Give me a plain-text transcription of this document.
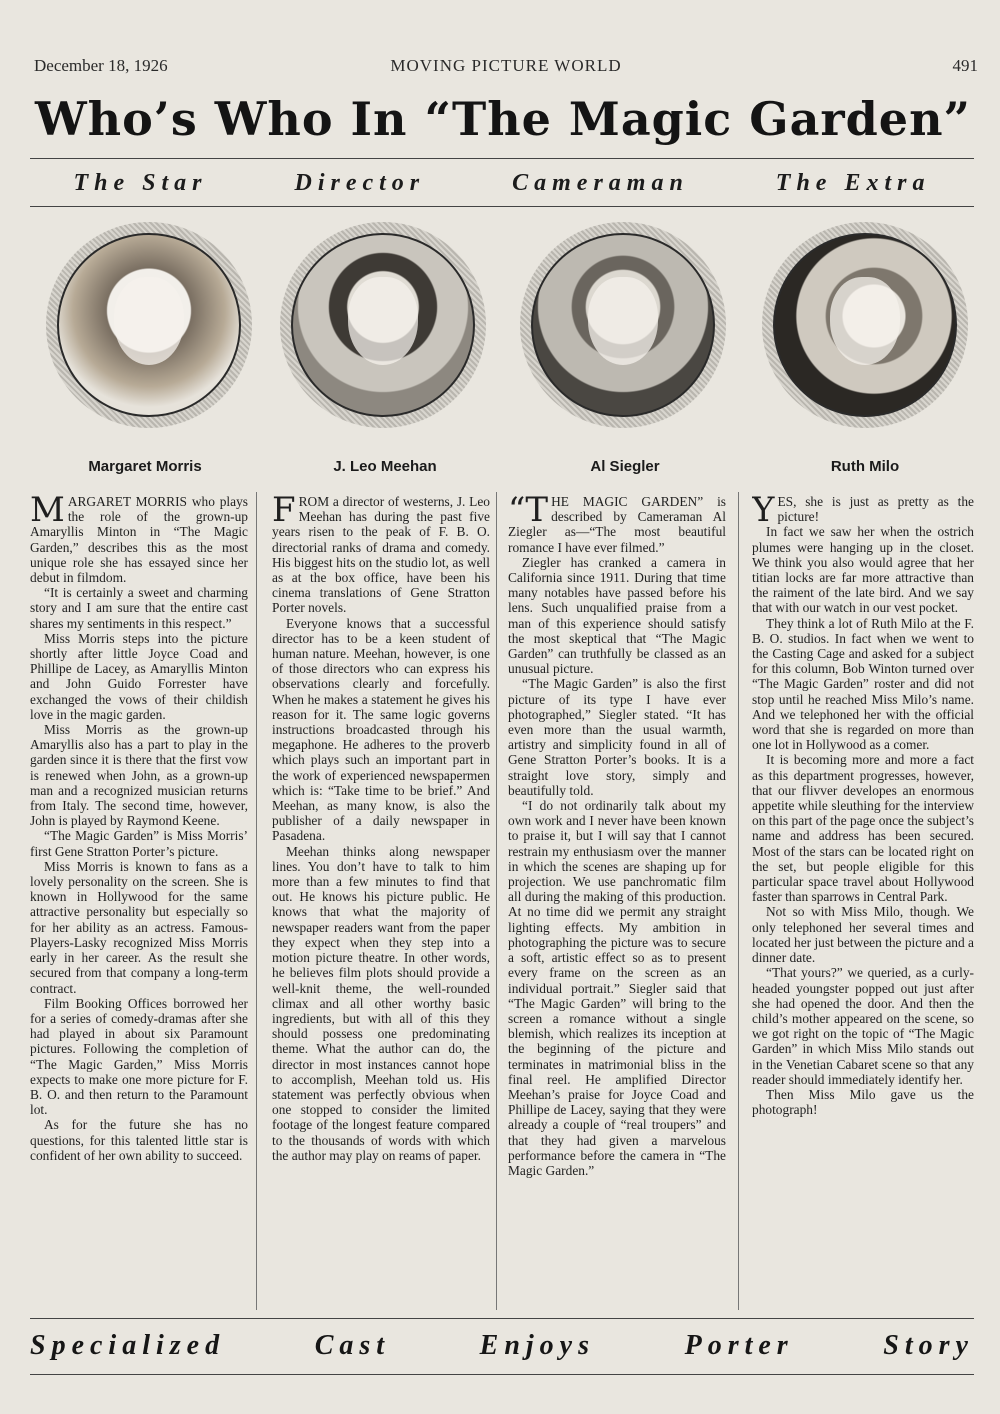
December 18, 1926	MOVING PICTURE WORLD	491
Who’s Who In “The Magic Garden”
The Star	Director	Cameraman	The Extra
Margaret Morris	J. Leo Meehan	Al Siegler	Ruth Milo

MARGARET MORRIS who plays the role of the grown-up Amaryllis Minton in “The Magic Garden,” describes this as the most unique role she has essayed since her debut in filmdom.

“It is certainly a sweet and charming story and I am sure that the entire cast shares my sentiments in this respect.”

Miss Morris steps into the picture shortly after little Joyce Coad and Phillipe de Lacey, as Amaryllis Minton and John Guido Forrester have exchanged the vows of their childish love in the magic garden.

Miss Morris as the grown-up Amaryllis also has a part to play in the garden since it is there that the first vow is renewed when John, as a grown-up man and a recognized musician returns from Italy. The second time, however, John is played by Raymond Keene.

“The Magic Garden” is Miss Morris’ first Gene Stratton Porter’s picture.

Miss Morris is known to fans as a lovely personality on the screen. She is known in Hollywood for the same attractive personality but especially so for her ability as an actress. Famous-Players-Lasky recognized Miss Morris early in her career. As the result she secured from that company a long-term contract.

Film Booking Offices borrowed her for a series of comedy-dramas after she had played in about six Paramount pictures. Following the completion of “The Magic Garden,” Miss Morris expects to make one more picture for F. B. O. and then return to the Paramount lot.

As for the future she has no questions, for this talented little star is confident of her own ability to succeed.

FROM a director of westerns, J. Leo Meehan has during the past five years risen to the peak of F. B. O. directorial ranks of drama and comedy. His biggest hits on the studio lot, as well as at the box office, have been his cinema translations of Gene Stratton Porter novels.

Everyone knows that a successful director has to be a keen student of human nature. Meehan, however, is one of those directors who can express his observations clearly and forcefully. When he makes a statement he gives his reason for it. The same logic governs instructions broadcasted through his megaphone. He adheres to the proverb which plays such an important part in the work of experienced newspapermen which is: “Take time to be brief.” And Meehan, as many know, is also the publisher of a daily newspaper in Pasadena.

Meehan thinks along newspaper lines. You don’t have to talk to him more than a few minutes to find that out. He knows his picture public. He knows that what the majority of newspaper readers want from the paper they expect when they step into a motion picture theatre. In other words, he believes film plots should provide a well-knit theme, the well-rounded climax and all other worthy basic ingredients, but with all of this they should possess one predominating theme. What the author can do, the director in most instances cannot hope to accomplish, Meehan told us. His statement was perfectly obvious when one stopped to consider the limited footage of the longest feature compared to the thousands of words with which the author may play on reams of paper.

“THE MAGIC GARDEN” is described by Cameraman Al Ziegler as—“The most beautiful romance I have ever filmed.”

Ziegler has cranked a camera in California since 1911. During that time many notables have passed before his lens. Such unqualified praise from a man of this experience should satisfy the most skeptical that “The Magic Garden” can truthfully be classed as an unusual picture.

“The Magic Garden” is also the first picture of its type I have ever photographed,” Siegler stated. “It has even more than the usual warmth, artistry and simplicity found in all of Gene Stratton Porter’s books. It is a straight love story, simply and beautifully told.

“I do not ordinarily talk about my own work and I never have been known to praise it, but I will say that I cannot restrain my enthusiasm over the manner in which the scenes are shaping up for projection. We use panchromatic film all during the making of this production. At no time did we permit any straight lighting effects. My ambition in photographing the picture was to secure a soft, artistic effect so as to present every frame on the screen as an individual portrait.” Siegler said that “The Magic Garden” will bring to the screen a romance without a single blemish, which realizes its inception at the beginning of the picture and terminates in matrimonial bliss in the final reel. He amplified Director Meehan’s praise for Joyce Coad and Phillipe de Lacey, saying that they were already a couple of “real troupers” and that they had given a marvelous performance before the camera in “The Magic Garden.”

YES, she is just as pretty as the picture!

In fact we saw her when the ostrich plumes were hanging up in the closet. We think you also would agree that her titian locks are far more attractive than the raiment of the late bird. And we say that with our watch in our vest pocket.

They think a lot of Ruth Milo at the F. B. O. studios. In fact when we went to the Casting Cage and asked for a subject for this column, Bob Winton turned over “The Magic Garden” roster and did not stop until he reached Miss Milo’s name. And we telephoned her with the official word that she is regarded on more than one lot in Hollywood as a comer.

It is becoming more and more a fact as this department progresses, however, that our flivver developes an enormous appetite while sleuthing for the interview on this part of the page once the subject’s name and address has been secured. Most of the stars can be located right on the set, but people eligible for this particular space travel about Hollywood faster than sparrows in Central Park.

Not so with Miss Milo, though. We only telephoned her several times and located her just between the picture and a dinner date.

“That yours?” we queried, as a curly-headed youngster popped out just after she had opened the door. And then the child’s mother appeared on the scene, so we got right on the topic of “The Magic Garden” in which Miss Milo stands out in the Venetian Cabaret scene so that any reader should immediately identify her.

Then Miss Milo gave us the photograph!

Specialized	Cast	Enjoys	Porter	Story
